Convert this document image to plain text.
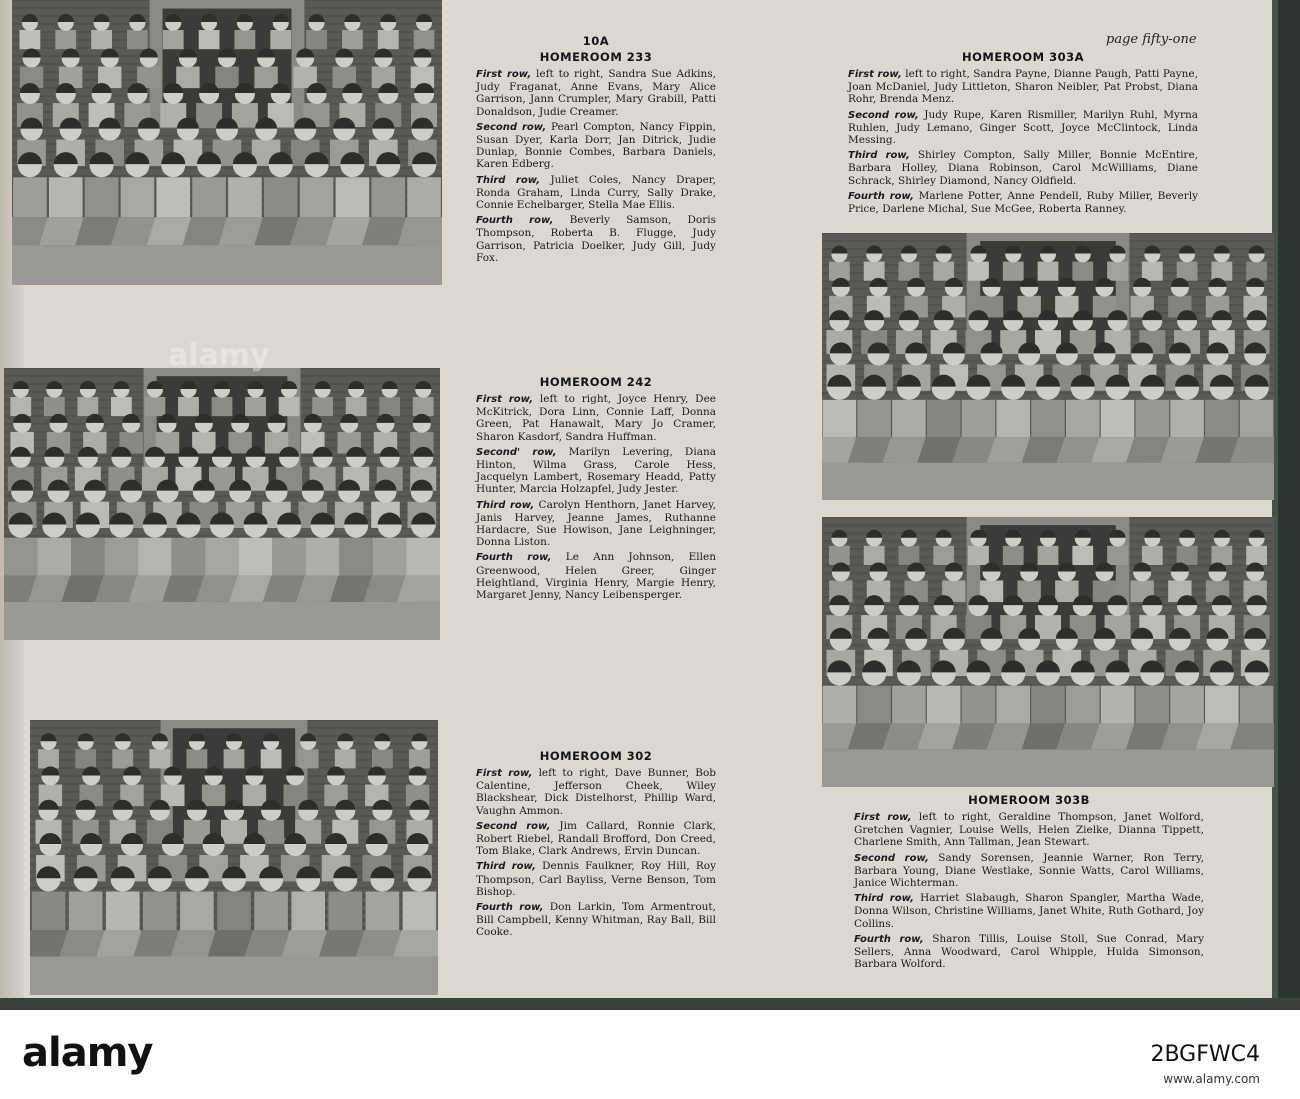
alamy
page fifty-one
10A
HOMEROOM 233

First row, left to right, Sandra Sue Adkins, Judy Fraganat, Anne Evans, Mary Alice Garrison, Jann Crumpler, Mary Grabill, Patti Donaldson, Judie Creamer.

Second row, Pearl Compton, Nancy Fippin, Susan Dyer, Karla Dorr, Jan Ditrick, Judie Dunlap, Bonnie Combes, Barbara Daniels, Karen Edberg.

Third row, Juliet Coles, Nancy Draper, Ronda Graham, Linda Curry, Sally Drake, Connie Echelbarger, Stella Mae Ellis.

Fourth row, Beverly Samson, Doris Thompson, Roberta B. Flugge, Judy Garrison, Patricia Doelker, Judy Gill, Judy Fox.

HOMEROOM 242

First row, left to right, Joyce Henry, Dee McKitrick, Dora Linn, Connie Laff, Donna Green, Pat Hanawalt, Mary Jo Cramer, Sharon Kasdorf, Sandra Huffman.

Second' row, Marilyn Levering, Diana Hinton, Wilma Grass, Carole Hess, Jacquelyn Lambert, Rosemary Headd, Patty Hunter, Marcia Holzapfel, Judy Jester.

Third row, Carolyn Henthorn, Janet Harvey, Janis Harvey, Jeanne James, Ruthanne Hardacre, Sue Howison, Jane Leighninger, Donna Liston.

Fourth row, Le Ann Johnson, Ellen Greenwood, Helen Greer, Ginger Heightland, Virginia Henry, Margie Henry, Margaret Jenny, Nancy Leibensperger.

HOMEROOM 302

First row, left to right, Dave Bunner, Bob Calentine, Jefferson Cheek, Wiley Blackshear, Dick Distelhorst, Phillip Ward, Vaughn Ammon.

Second row, Jim Callard, Ronnie Clark, Robert Riebel, Randall Brofford, Don Creed, Tom Blake, Clark Andrews, Ervin Duncan.

Third row, Dennis Faulkner, Roy Hill, Roy Thompson, Carl Bayliss, Verne Benson, Tom Bishop.

Fourth row, Don Larkin, Tom Armentrout, Bill Campbell, Kenny Whitman, Ray Ball, Bill Cooke.

HOMEROOM 303A

First row, left to right, Sandra Payne, Dianne Paugh, Patti Payne, Joan McDaniel, Judy Littleton, Sharon Neibler, Pat Probst, Diana Rohr, Brenda Menz.

Second row, Judy Rupe, Karen Rismiller, Marilyn Ruhl, Myrna Ruhlen, Judy Lemano, Ginger Scott, Joyce McClintock, Linda Messing.

Third row, Shirley Compton, Sally Miller, Bonnie McEntire, Barbara Holley, Diana Robinson, Carol McWilliams, Diane Schrack, Shirley Diamond, Nancy Oldfield.

Fourth row, Marlene Potter, Anne Pendell, Ruby Miller, Beverly Price, Darlene Michal, Sue McGee, Roberta Ranney.

HOMEROOM 303B

First row, left to right, Geraldine Thompson, Janet Wolford, Gretchen Vagnier, Louise Wells, Helen Zielke, Dianna Tippett, Charlene Smith, Ann Tallman, Jean Stewart.

Second row, Sandy Sorensen, Jeannie Warner, Ron Terry, Barbara Young, Diane Westlake, Sonnie Watts, Carol Williams, Janice Wichterman.

Third row, Harriet Slabaugh, Sharon Spangler, Martha Wade, Donna Wilson, Christine Williams, Janet White, Ruth Gothard, Joy Collins.

Fourth row, Sharon Tillis, Louise Stoll, Sue Conrad, Mary Sellers, Anna Woodward, Carol Whipple, Hulda Simonson, Barbara Wolford.

alamy	2BGFWC4
www.alamy.com
